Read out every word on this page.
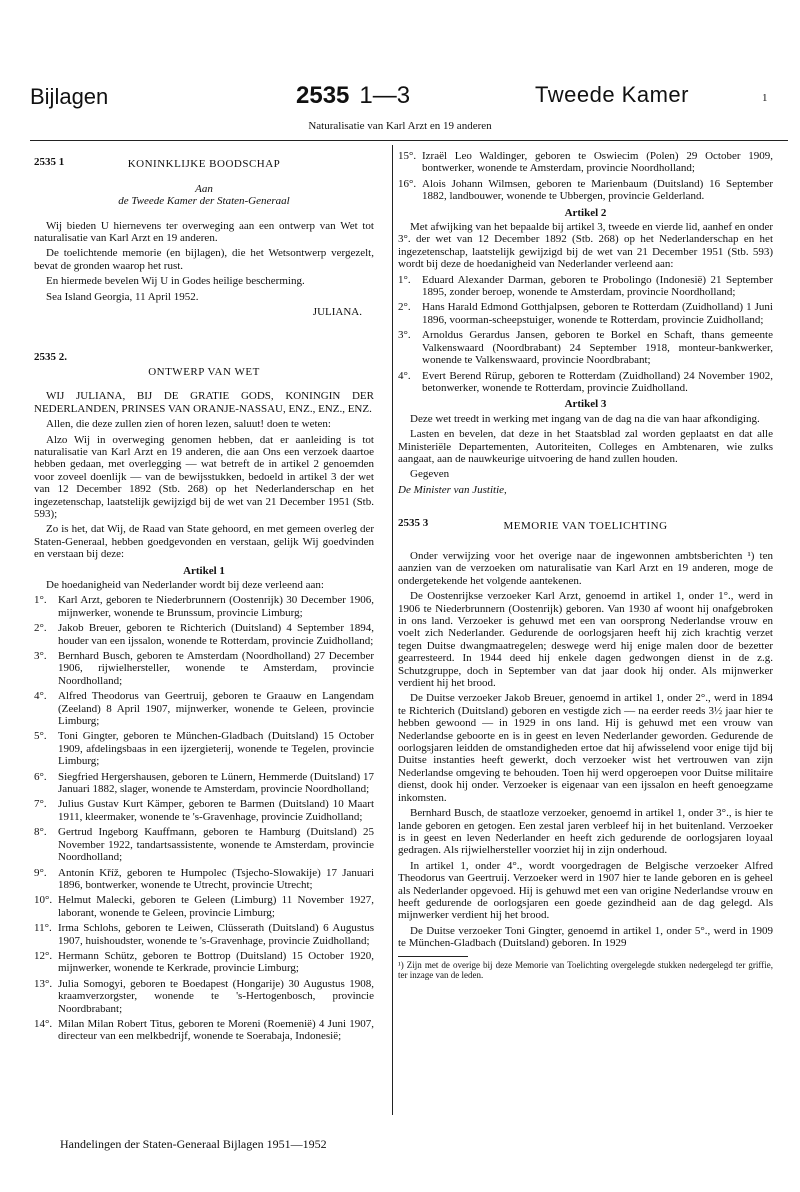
Bijlagen	2535 1—3	Tweede Kamer	1
Naturalisatie van Karl Arzt en 19 anderen
2535 1	KONINKLIJKE BOODSCHAP
Aan
de Tweede Kamer der Staten-Generaal

Wij bieden U hiernevens ter overweging aan een ontwerp van Wet tot naturalisatie van Karl Arzt en 19 anderen.

De toelichtende memorie (en bijlagen), die het Wetsontwerp vergezelt, bevat de gronden waarop het rust.

En hiermede bevelen Wij U in Godes heilige bescherming.

Sea Island Georgia, 11 April 1952.

JULIANA.

2535 2.
ONTWERP VAN WET

WIJ JULIANA, BIJ DE GRATIE GODS, KONINGIN DER NEDERLANDEN, PRINSES VAN ORANJE-NASSAU, ENZ., ENZ., ENZ.

Allen, die deze zullen zien of horen lezen, saluut! doen te weten:

Alzo Wij in overweging genomen hebben, dat er aanleiding is tot naturalisatie van Karl Arzt en 19 anderen, die aan Ons een verzoek daartoe hebben gedaan, met overlegging — wat betreft de in artikel 2 genoemden voor zoveel doenlijk — van de bewijsstukken, bedoeld in artikel 3 der wet van 12 December 1892 (Stb. 268) op het Nederlanderschap en het ingezetenschap, laatstelijk gewijzigd bij de wet van 21 December 1951 (Stb. 593);

Zo is het, dat Wij, de Raad van State gehoord, en met gemeen overleg der Staten-Generaal, hebben goedgevonden en verstaan, gelijk Wij goedvinden en verstaan bij deze:

Artikel 1

De hoedanigheid van Nederlander wordt bij deze verleend aan:

1°.	Karl Arzt, geboren te Niederbrunnern (Oostenrijk) 30 December 1906, mijnwerker, wonende te Brunssum, provincie Limburg;
2°.	Jakob Breuer, geboren te Richterich (Duitsland) 4 September 1894, houder van een ijssalon, wonende te Rotterdam, provincie Zuidholland;
3°.	Bernhard Busch, geboren te Amsterdam (Noordholland) 27 December 1906, rijwielhersteller, wonende te Amsterdam, provincie Noordholland;
4°.	Alfred Theodorus van Geertruij, geboren te Graauw en Langendam (Zeeland) 8 April 1907, mijnwerker, wonende te Geleen, provincie Limburg;
5°.	Toni Gingter, geboren te München-Gladbach (Duitsland) 15 October 1909, afdelingsbaas in een ijzergieterij, wonende te Tegelen, provincie Limburg;
6°.	Siegfried Hergershausen, geboren te Lünern, Hemmerde (Duitsland) 17 Januari 1882, slager, wonende te Amsterdam, provincie Noordholland;
7°.	Julius Gustav Kurt Kämper, geboren te Barmen (Duitsland) 10 Maart 1911, kleermaker, wonende te 's-Gravenhage, provincie Zuidholland;
8°.	Gertrud Ingeborg Kauffmann, geboren te Hamburg (Duitsland) 25 November 1922, tandartsassistente, wonende te Amsterdam, provincie Noordholland;
9°.	Antonín Kříž, geboren te Humpolec (Tsjecho-Slowakije) 17 Januari 1896, bontwerker, wonende te Utrecht, provincie Utrecht;
10°. Helmut Malecki, geboren te Geleen (Limburg) 11 November 1927, laborant, wonende te Geleen, provincie Limburg;
11°. Irma Schlohs, geboren te Leiwen, Clüsserath (Duitsland) 6 Augustus 1907, huishoudster, wonende te 's-Gravenhage, provincie Zuidholland;
12°. Hermann Schütz, geboren te Bottrop (Duitsland) 15 October 1920, mijnwerker, wonende te Kerkrade, provincie Limburg;
13°. Julia Somogyi, geboren te Boedapest (Hongarije) 30 Augustus 1908, kraamverzorgster, wonende te 's-Hertogenbosch, provincie Noordbrabant;
14°. Milan Milan Robert Titus, geboren te Moreni (Roemenië) 4 Juni 1907, directeur van een melkbedrijf, wonende te Soerabaja, Indonesië;
15°. Izraël Leo Waldinger, geboren te Oswiecim (Polen) 29 October 1909, bontwerker, wonende te Amsterdam, provincie Noordholland;
16°. Alois Johann Wilmsen, geboren te Marienbaum (Duitsland) 16 September 1882, landbouwer, wonende te Ubbergen, provincie Gelderland.
Artikel 2

Met afwijking van het bepaalde bij artikel 3, tweede en vierde lid, aanhef en onder 3°. der wet van 12 December 1892 (Stb. 268) op het Nederlanderschap en het ingezetenschap, laatstelijk gewijzigd bij de wet van 21 December 1951 (Stb. 593) wordt bij deze de hoedanigheid van Nederlander verleend aan:

1°.	Eduard Alexander Darman, geboren te Probolingo (Indonesië) 21 September 1895, zonder beroep, wonende te Amsterdam, provincie Noordholland;
2°.	Hans Harald Edmond Gotthjalpsen, geboren te Rotterdam (Zuidholland) 1 Juni 1896, voorman-scheepstuiger, wonende te Rotterdam, provincie Zuidholland;
3°.	Arnoldus Gerardus Jansen, geboren te Borkel en Schaft, thans gemeente Valkenswaard (Noordbrabant) 24 September 1918, monteur-bankwerker, wonende te Valkenswaard, provincie Noordbrabant;
4°.	Evert Berend Rürup, geboren te Rotterdam (Zuidholland) 24 November 1902, betonwerker, wonende te Rotterdam, provincie Zuidholland.
Artikel 3

Deze wet treedt in werking met ingang van de dag na die van haar afkondiging.

Lasten en bevelen, dat deze in het Staatsblad zal worden geplaatst en dat alle Ministeriële Departementen, Autoriteiten, Colleges en Ambtenaren, wie zulks aangaat, aan de nauwkeurige uitvoering de hand zullen houden.

Gegeven

De Minister van Justitie,

2535 3	MEMORIE VAN TOELICHTING

Onder verwijzing voor het overige naar de ingewonnen ambtsberichten ¹) ten aanzien van de verzoeken om naturalisatie van Karl Arzt en 19 anderen, moge de ondergetekende het volgende aantekenen.

De Oostenrijkse verzoeker Karl Arzt, genoemd in artikel 1, onder 1°., werd in 1906 te Niederbrunnern (Oostenrijk) geboren. Van 1930 af woont hij onafgebroken in ons land. Verzoeker is gehuwd met een van oorsprong Nederlandse vrouw en voelt zich Nederlander. Gedurende de oorlogsjaren heeft hij zich krachtig verzet tegen Duitse dwangmaatregelen; deswege werd hij enige malen door de bezetter gearresteerd. In 1944 deed hij enkele dagen gedwongen dienst in de z.g. Schutzgruppe, doch in September van dat jaar dook hij onder. Als mijnwerker verdient hij het brood.

De Duitse verzoeker Jakob Breuer, genoemd in artikel 1, onder 2°., werd in 1894 te Richterich (Duitsland) geboren en vestigde zich — na eerder reeds 3½ jaar hier te hebben gewoond — in 1929 in ons land. Hij is gehuwd met een vrouw van Nederlandse geboorte en is in geest en leven Nederlander geworden. Gedurende de oorlogsjaren leidden de omstandigheden ertoe dat hij afwisselend voor enige tijd bij Duitse instanties heeft gewerkt, doch verzoeker wist het vertrouwen van zijn Nederlandse omgeving te behouden. Toen hij werd opgeroepen voor Duitse militaire dienst, dook hij onder. Verzoeker is eigenaar van een ijssalon en heeft genoegzame inkomsten.

Bernhard Busch, de staatloze verzoeker, genoemd in artikel 1, onder 3°., is hier te lande geboren en getogen. Een zestal jaren verbleef hij in het buitenland. Verzoeker is in geest en leven Nederlander en heeft zich gedurende de oorlogsjaren loyaal gedragen. Als rijwielhersteller voorziet hij in zijn onderhoud.

In artikel 1, onder 4°., wordt voorgedragen de Belgische verzoeker Alfred Theodorus van Geertruij. Verzoeker werd in 1907 hier te lande geboren en is geheel als Nederlander opgevoed. Hij is gehuwd met een van origine Nederlandse vrouw en heeft gedurende de oorlogsjaren een goede gezindheid aan de dag gelegd. Als mijnwerker verdient hij het brood.

De Duitse verzoeker Toni Gingter, genoemd in artikel 1, onder 5°., werd in 1909 te München-Gladbach (Duitsland) geboren. In 1929

¹) Zijn met de overige bij deze Memorie van Toelichting overgelegde stukken nedergelegd ter griffie, ter inzage van de leden.
Handelingen der Staten-Generaal Bijlagen 1951—1952
